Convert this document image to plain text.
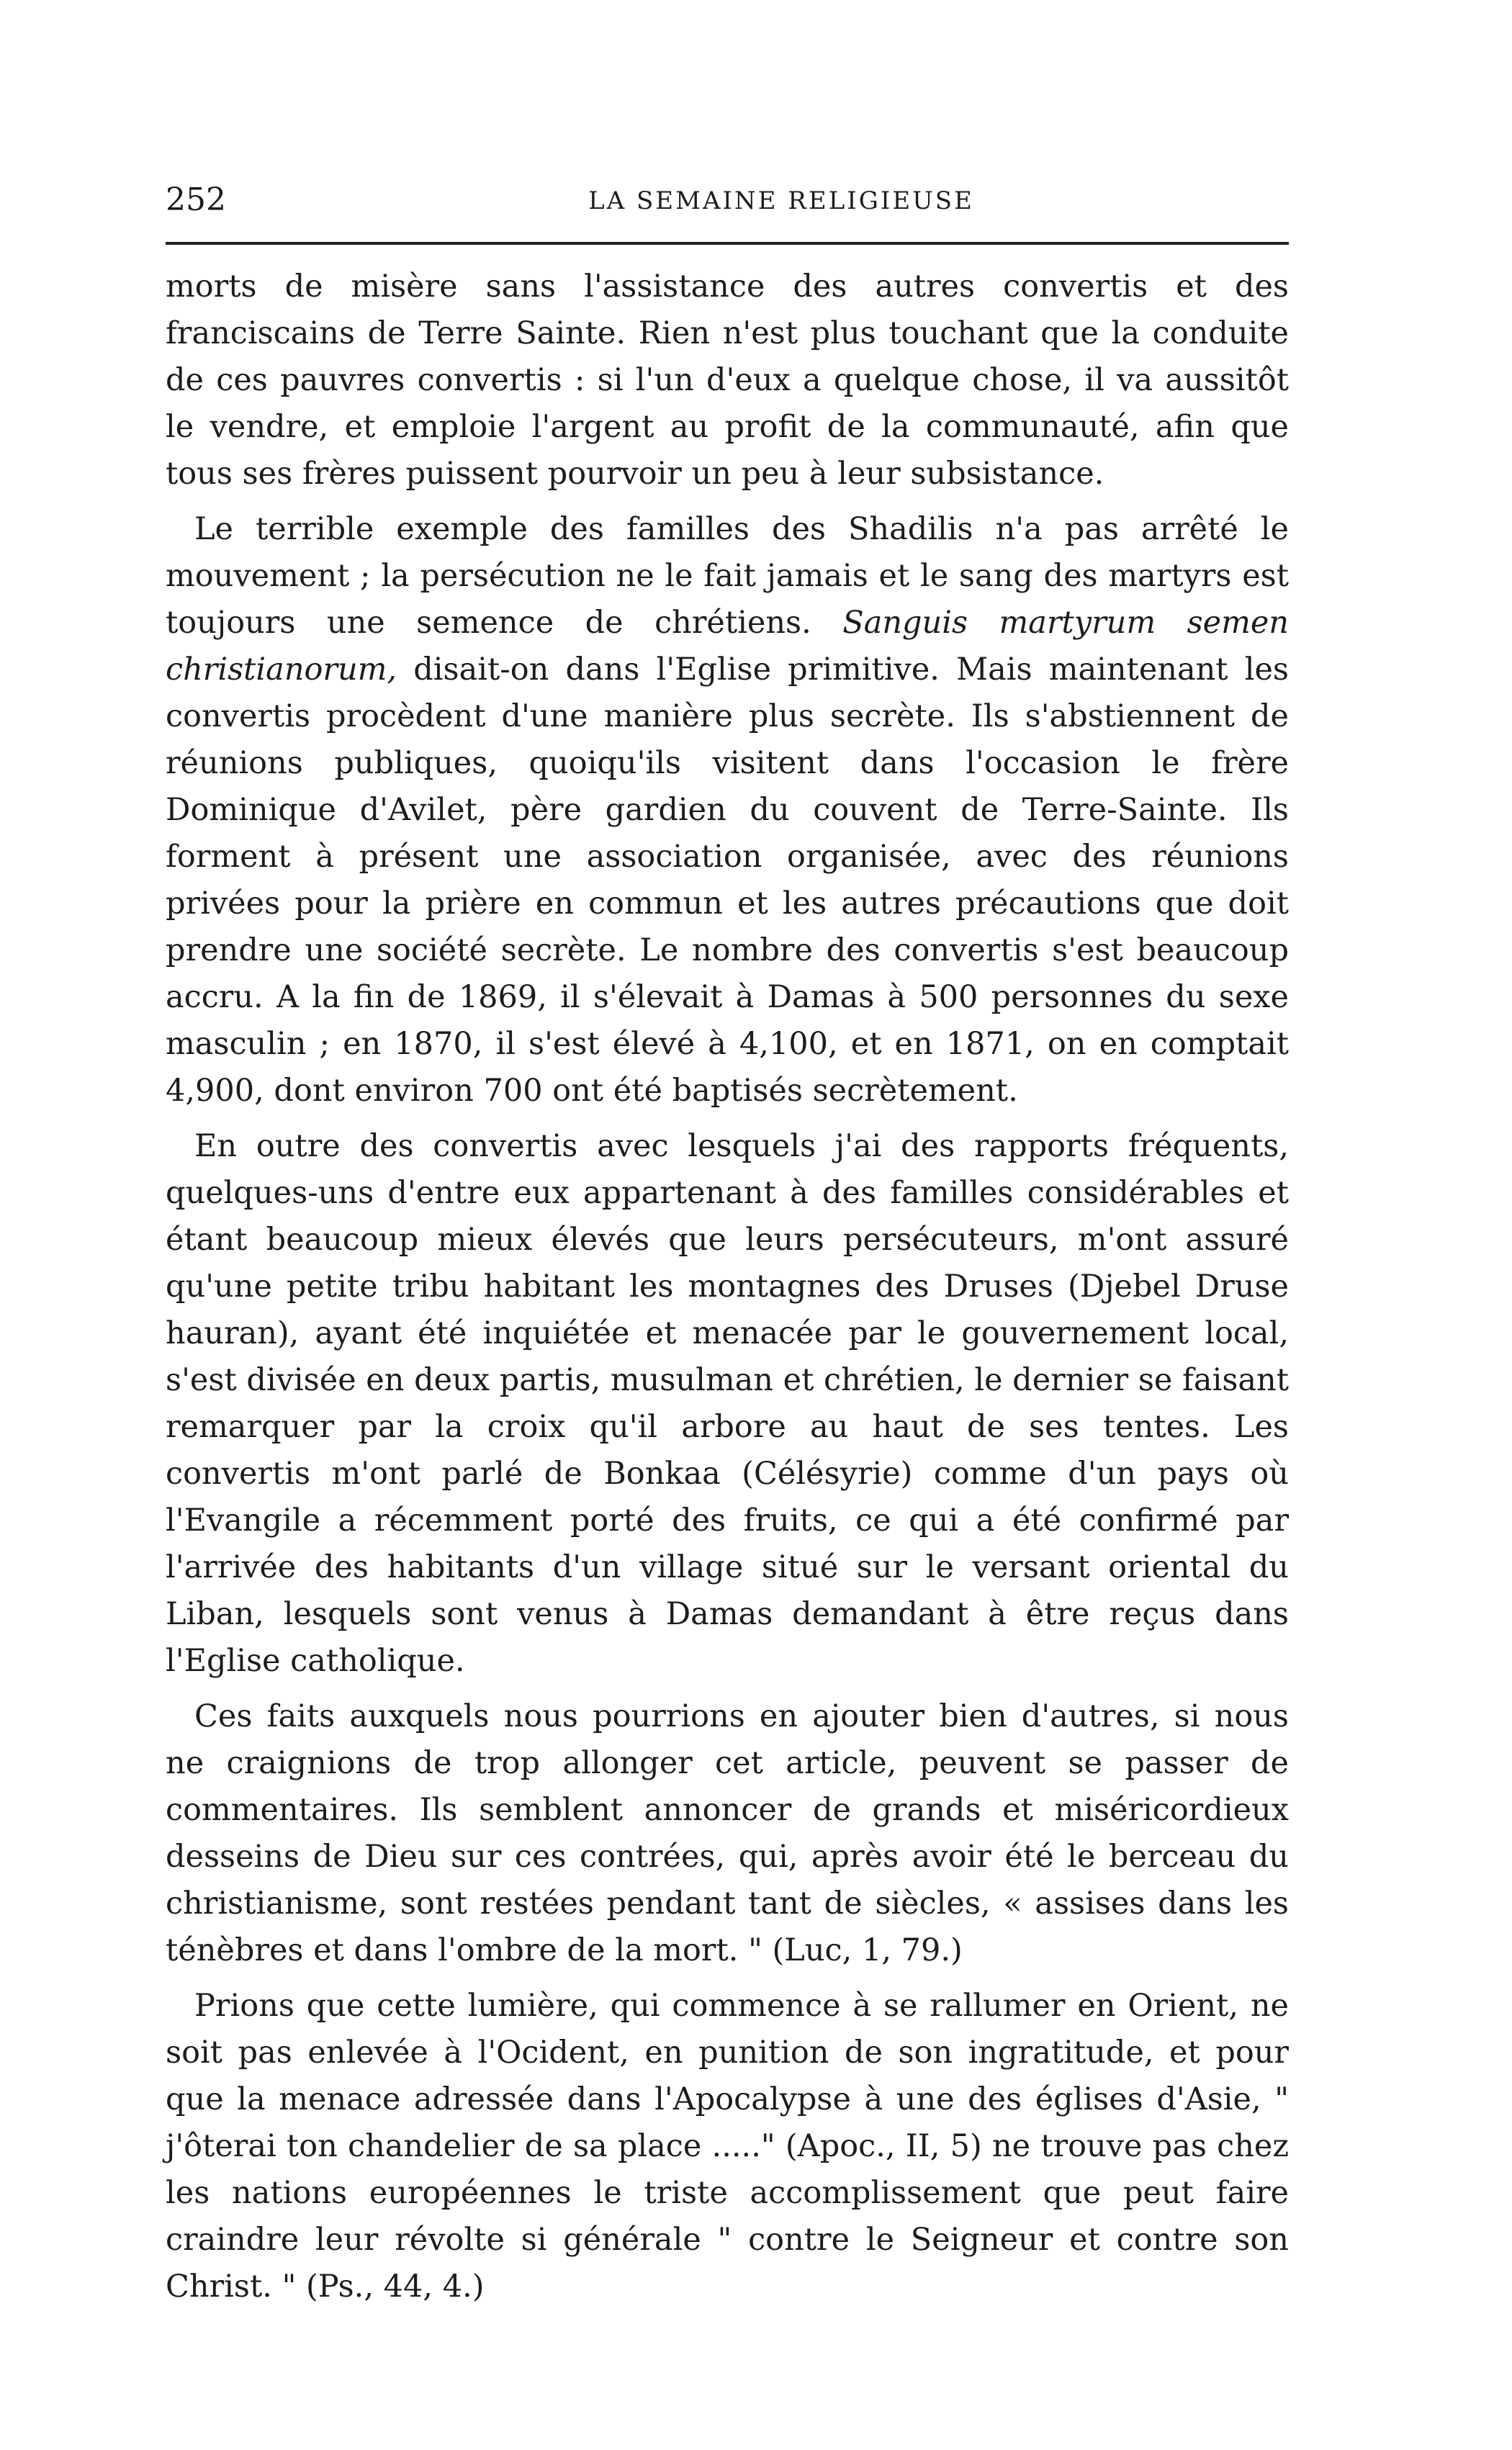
252	LA SEMAINE RELIGIEUSE

morts de misère sans l'assistance des autres convertis et des franciscains de Terre Sainte. Rien n'est plus touchant que la conduite de ces pauvres convertis : si l'un d'eux a quelque chose, il va aussitôt le vendre, et emploie l'argent au profit de la communauté, afin que tous ses frères puissent pourvoir un peu à leur subsistance.

Le terrible exemple des familles des Shadilis n'a pas arrêté le mouvement ; la persécution ne le fait jamais et le sang des martyrs est toujours une semence de chrétiens. Sanguis martyrum semen christianorum, disait-on dans l'Eglise primitive. Mais maintenant les convertis procèdent d'une manière plus secrète. Ils s'abstiennent de réunions publiques, quoiqu'ils visitent dans l'occasion le frère Dominique d'Avilet, père gardien du couvent de Terre-Sainte. Ils forment à présent une association organisée, avec des réunions privées pour la prière en commun et les autres précautions que doit prendre une société secrète. Le nombre des convertis s'est beaucoup accru. A la fin de 1869, il s'élevait à Damas à 500 personnes du sexe masculin ; en 1870, il s'est élevé à 4,100, et en 1871, on en comptait 4,900, dont environ 700 ont été baptisés secrètement.

En outre des convertis avec lesquels j'ai des rapports fréquents, quelques-uns d'entre eux appartenant à des familles considérables et étant beaucoup mieux élevés que leurs persécuteurs, m'ont assuré qu'une petite tribu habitant les montagnes des Druses (Djebel Druse hauran), ayant été inquiétée et menacée par le gouvernement local, s'est divisée en deux partis, musulman et chrétien, le dernier se faisant remarquer par la croix qu'il arbore au haut de ses tentes. Les convertis m'ont parlé de Bonkaa (Célésyrie) comme d'un pays où l'Evangile a récemment porté des fruits, ce qui a été confirmé par l'arrivée des habitants d'un village situé sur le versant oriental du Liban, lesquels sont venus à Damas demandant à être reçus dans l'Eglise catholique.

Ces faits auxquels nous pourrions en ajouter bien d'autres, si nous ne craignions de trop allonger cet article, peuvent se passer de commentaires. Ils semblent annoncer de grands et miséricordieux desseins de Dieu sur ces contrées, qui, après avoir été le berceau du christianisme, sont restées pendant tant de siècles, « assises dans les ténèbres et dans l'ombre de la mort. " (Luc, 1, 79.)

Prions que cette lumière, qui commence à se rallumer en Orient, ne soit pas enlevée à l'Ocident, en punition de son ingratitude, et pour que la menace adressée dans l'Apocalypse à une des églises d'Asie, " j'ôterai ton chandelier de sa place ....." (Apoc., II, 5) ne trouve pas chez les nations européennes le triste accomplissement que peut faire craindre leur révolte si générale " contre le Seigneur et contre son Christ. " (Ps., 44, 4.)
